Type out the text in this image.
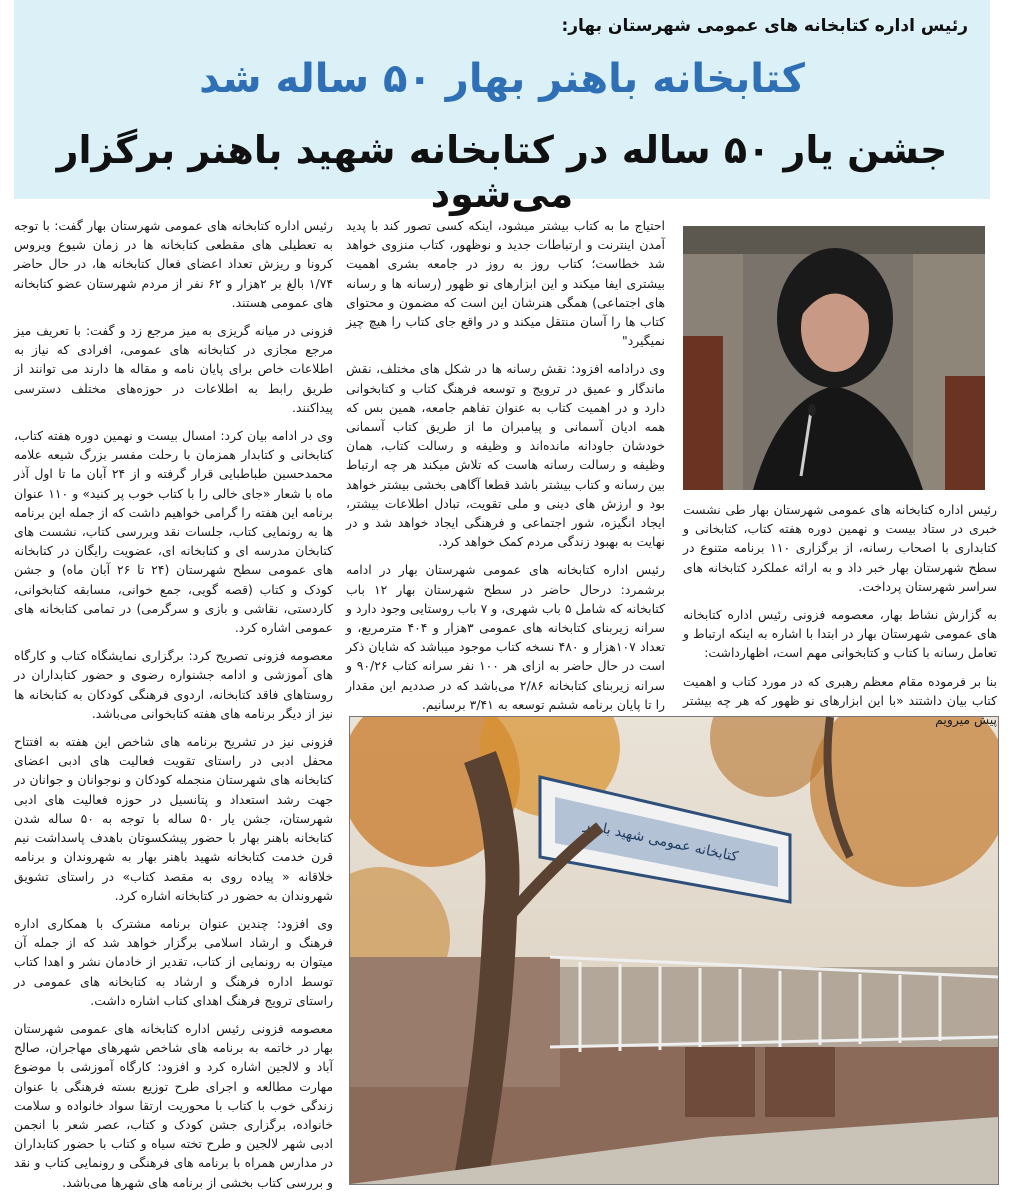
رئیس اداره کتابخانه های عمومی شهرستان بهار:
کتابخانه باهنر بهار ۵۰ ساله شد
جشن یار ۵۰ ساله در کتابخانه شهید باهنر برگزار می‌شود
کتابخانه عمومی شهید باهنر

رئیس اداره کتابخانه های عمومی شهرستان بهار طی نشست خبری در ستاد بیست و نهمین دوره هفته کتاب، کتابخانی و کتابداری با اصحاب رسانه، از برگزاری ۱۱۰ برنامه متنوع در سطح شهرستان بهار خبر داد و به ارائه عملکرد کتابخانه های سراسر شهرستان پرداخت.

به گزارش نشاط بهار، معصومه فزونی رئیس اداره کتابخانه های عمومی شهرستان بهار در ابتدا با اشاره به اینکه ارتباط و تعامل رسانه با کتاب و کتابخوانی مهم است، اظهارداشت:

بنا بر فرموده مقام معظم رهبری که در مورد کتاب و اهمیت کتاب بیان داشتند «با این ابزارهای نو ظهور که هر چه بیشتر پیش میرویم

احتیاج ما به کتاب بیشتر میشود، اینکه کسی تصور کند با پدید آمدن اینترنت و ارتباطات جدید و نوظهور، کتاب منزوی خواهد شد خطاست؛ کتاب روز به روز در جامعه بشری اهمیت بیشتری ایفا میکند و این ابزارهای نو ظهور (رسانه ها و رسانه های اجتماعی) همگی هنرشان این است که مضمون و محتوای کتاب ها را آسان منتقل میکند و در واقع جای کتاب را هیچ چیز نمیگیرد"

وی درادامه افزود: نقش رسانه ها در شکل های مختلف، نقش ماندگار و عمیق در ترویج و توسعه فرهنگ کتاب و کتابخوانی دارد و در اهمیت کتاب به عنوان تفاهم جامعه، همین بس که همه ادیان آسمانی و پیامبران ما از طریق کتاب آسمانی خودشان جاودانه مانده‌اند و وظیفه و رسالت کتاب، همان وظیفه و رسالت رسانه هاست که تلاش میکند هر چه ارتباط بین رسانه و کتاب بیشتر باشد قطعا آگاهی بخشی بیشتر خواهد بود و ارزش های دینی و ملی تقویت، تبادل اطلاعات بیشتر، ایجاد انگیزه، شور اجتماعی و فرهنگی ایجاد خواهد شد و در نهایت به بهبود زندگی مردم کمک خواهد کرد.

رئیس اداره کتابخانه های عمومی شهرستان بهار در ادامه برشمرد: درحال حاضر در سطح شهرستان بهار ۱۲ باب کتابخانه که شامل ۵ باب شهری، و ۷ باب روستایی وجود دارد و سرانه زیربنای کتابخانه های عمومی ۳هزار و ۴۰۴ مترمربع، و تعداد ۱۰۷هزار و ۴۸۰ نسخه کتاب موجود میباشد که شایان ذکر است در حال حاضر به ازای هر ۱۰۰ نفر سرانه کتاب ۹۰/۲۶ و سرانه زیربنای کتابخانه ۲/۸۶ می‌باشد که در صددیم این مقدار را تا پایان برنامه ششم توسعه به ۳/۴۱ برسانیم.

رئیس اداره کتابخانه های عمومی شهرستان بهار گفت: با توجه به تعطیلی های مقطعی کتابخانه ها در زمان شیوع ویروس کرونا و ریزش تعداد اعضای فعال کتابخانه ها، در حال حاضر ۱/۷۴ بالغ بر ۲هزار و ۶۲ نفر از مردم شهرستان عضو کتابخانه های عمومی هستند.

فزونی در میانه گریزی به میز مرجع زد و گفت: با تعریف میز مرجع مجازی در کتابخانه های عمومی، افرادی که نیاز به اطلاعات خاص برای پایان نامه و مقاله ها دارند می توانند از طریق رابط به اطلاعات در حوزه‌های مختلف دسترسی پیداکنند.

وی در ادامه بیان کرد: امسال بیست و نهمین دوره هفته کتاب، کتابخانی و کتابدار همزمان با رحلت مفسر بزرگ شیعه علامه محمدحسین طباطبایی قرار گرفته و از ۲۴ آبان ما تا اول آذر ماه با شعار «جای خالی را با کتاب خوب پر کنید» و ۱۱۰ عنوان برنامه این هفته را گرامی خواهیم داشت که از جمله این برنامه ها به رونمایی کتاب، جلسات نقد وبررسی کتاب، نشست های کتابخان مدرسه ای و کتابخانه ای، عضویت رایگان در کتابخانه های عمومی سطح شهرستان (۲۴ تا ۲۶ آبان ماه) و جشن کودک و کتاب (قصه گویی، جمع خوانی، مسابقه کتابخوانی، کاردستی، نقاشی و بازی و سرگرمی) در تمامی کتابخانه های عمومی اشاره کرد.

معصومه فزونی تصریح کرد: برگزاری نمایشگاه کتاب و کارگاه های آموزشی و ادامه جشنواره رضوی و حضور کتابداران در روستاهای فاقد کتابخانه، اردوی فرهنگی کودکان به کتابخانه ها نیز از دیگر برنامه های هفته کتابخوانی می‌باشد.

فزونی نیز در تشریح برنامه های شاخص این هفته به افتتاح محفل ادبی در راستای تقویت فعالیت های ادبی اعضای کتابخانه های شهرستان منجمله کودکان و نوجوانان و جوانان در جهت رشد استعداد و پتانسیل در حوزه فعالیت های ادبی شهرستان، جشن یار ۵۰ ساله با توجه به ۵۰ ساله شدن کتابخانه باهنر بهار با حضور پیشکسوتان باهدف پاسداشت نیم قرن خدمت کتابخانه شهید باهنر بهار به شهروندان و برنامه خلاقانه « پیاده روی به مقصد کتاب» در راستای تشویق شهروندان به حضور در کتابخانه اشاره کرد.

وی افزود: چندین عنوان برنامه مشترک با همکاری اداره فرهنگ و ارشاد اسلامی برگزار خواهد شد که از جمله آن میتوان به رونمایی از کتاب، تقدیر از خادمان نشر و اهدا کتاب توسط اداره فرهنگ و ارشاد به کتابخانه های عمومی در راستای ترویج فرهنگ اهدای کتاب اشاره داشت.

معصومه فزونی رئیس اداره کتابخانه های عمومی شهرستان بهار در خاتمه به برنامه های شاخص شهرهای مهاجران، صالح آباد و لالجین اشاره کرد و افزود: کارگاه آموزشی با موضوع مهارت مطالعه و اجرای طرح توزیع بسته فرهنگی با عنوان زندگی خوب با کتاب با محوریت ارتقا سواد خانواده و سلامت خانواده، برگزاری جشن کودک و کتاب، عصر شعر با انجمن ادبی شهر لالجین و طرح تخته سیاه و کتاب با حضور کتابداران در مدارس همراه با برنامه های فرهنگی و رونمایی کتاب و نقد و بررسی کتاب بخشی از برنامه های شهرها می‌باشد.
